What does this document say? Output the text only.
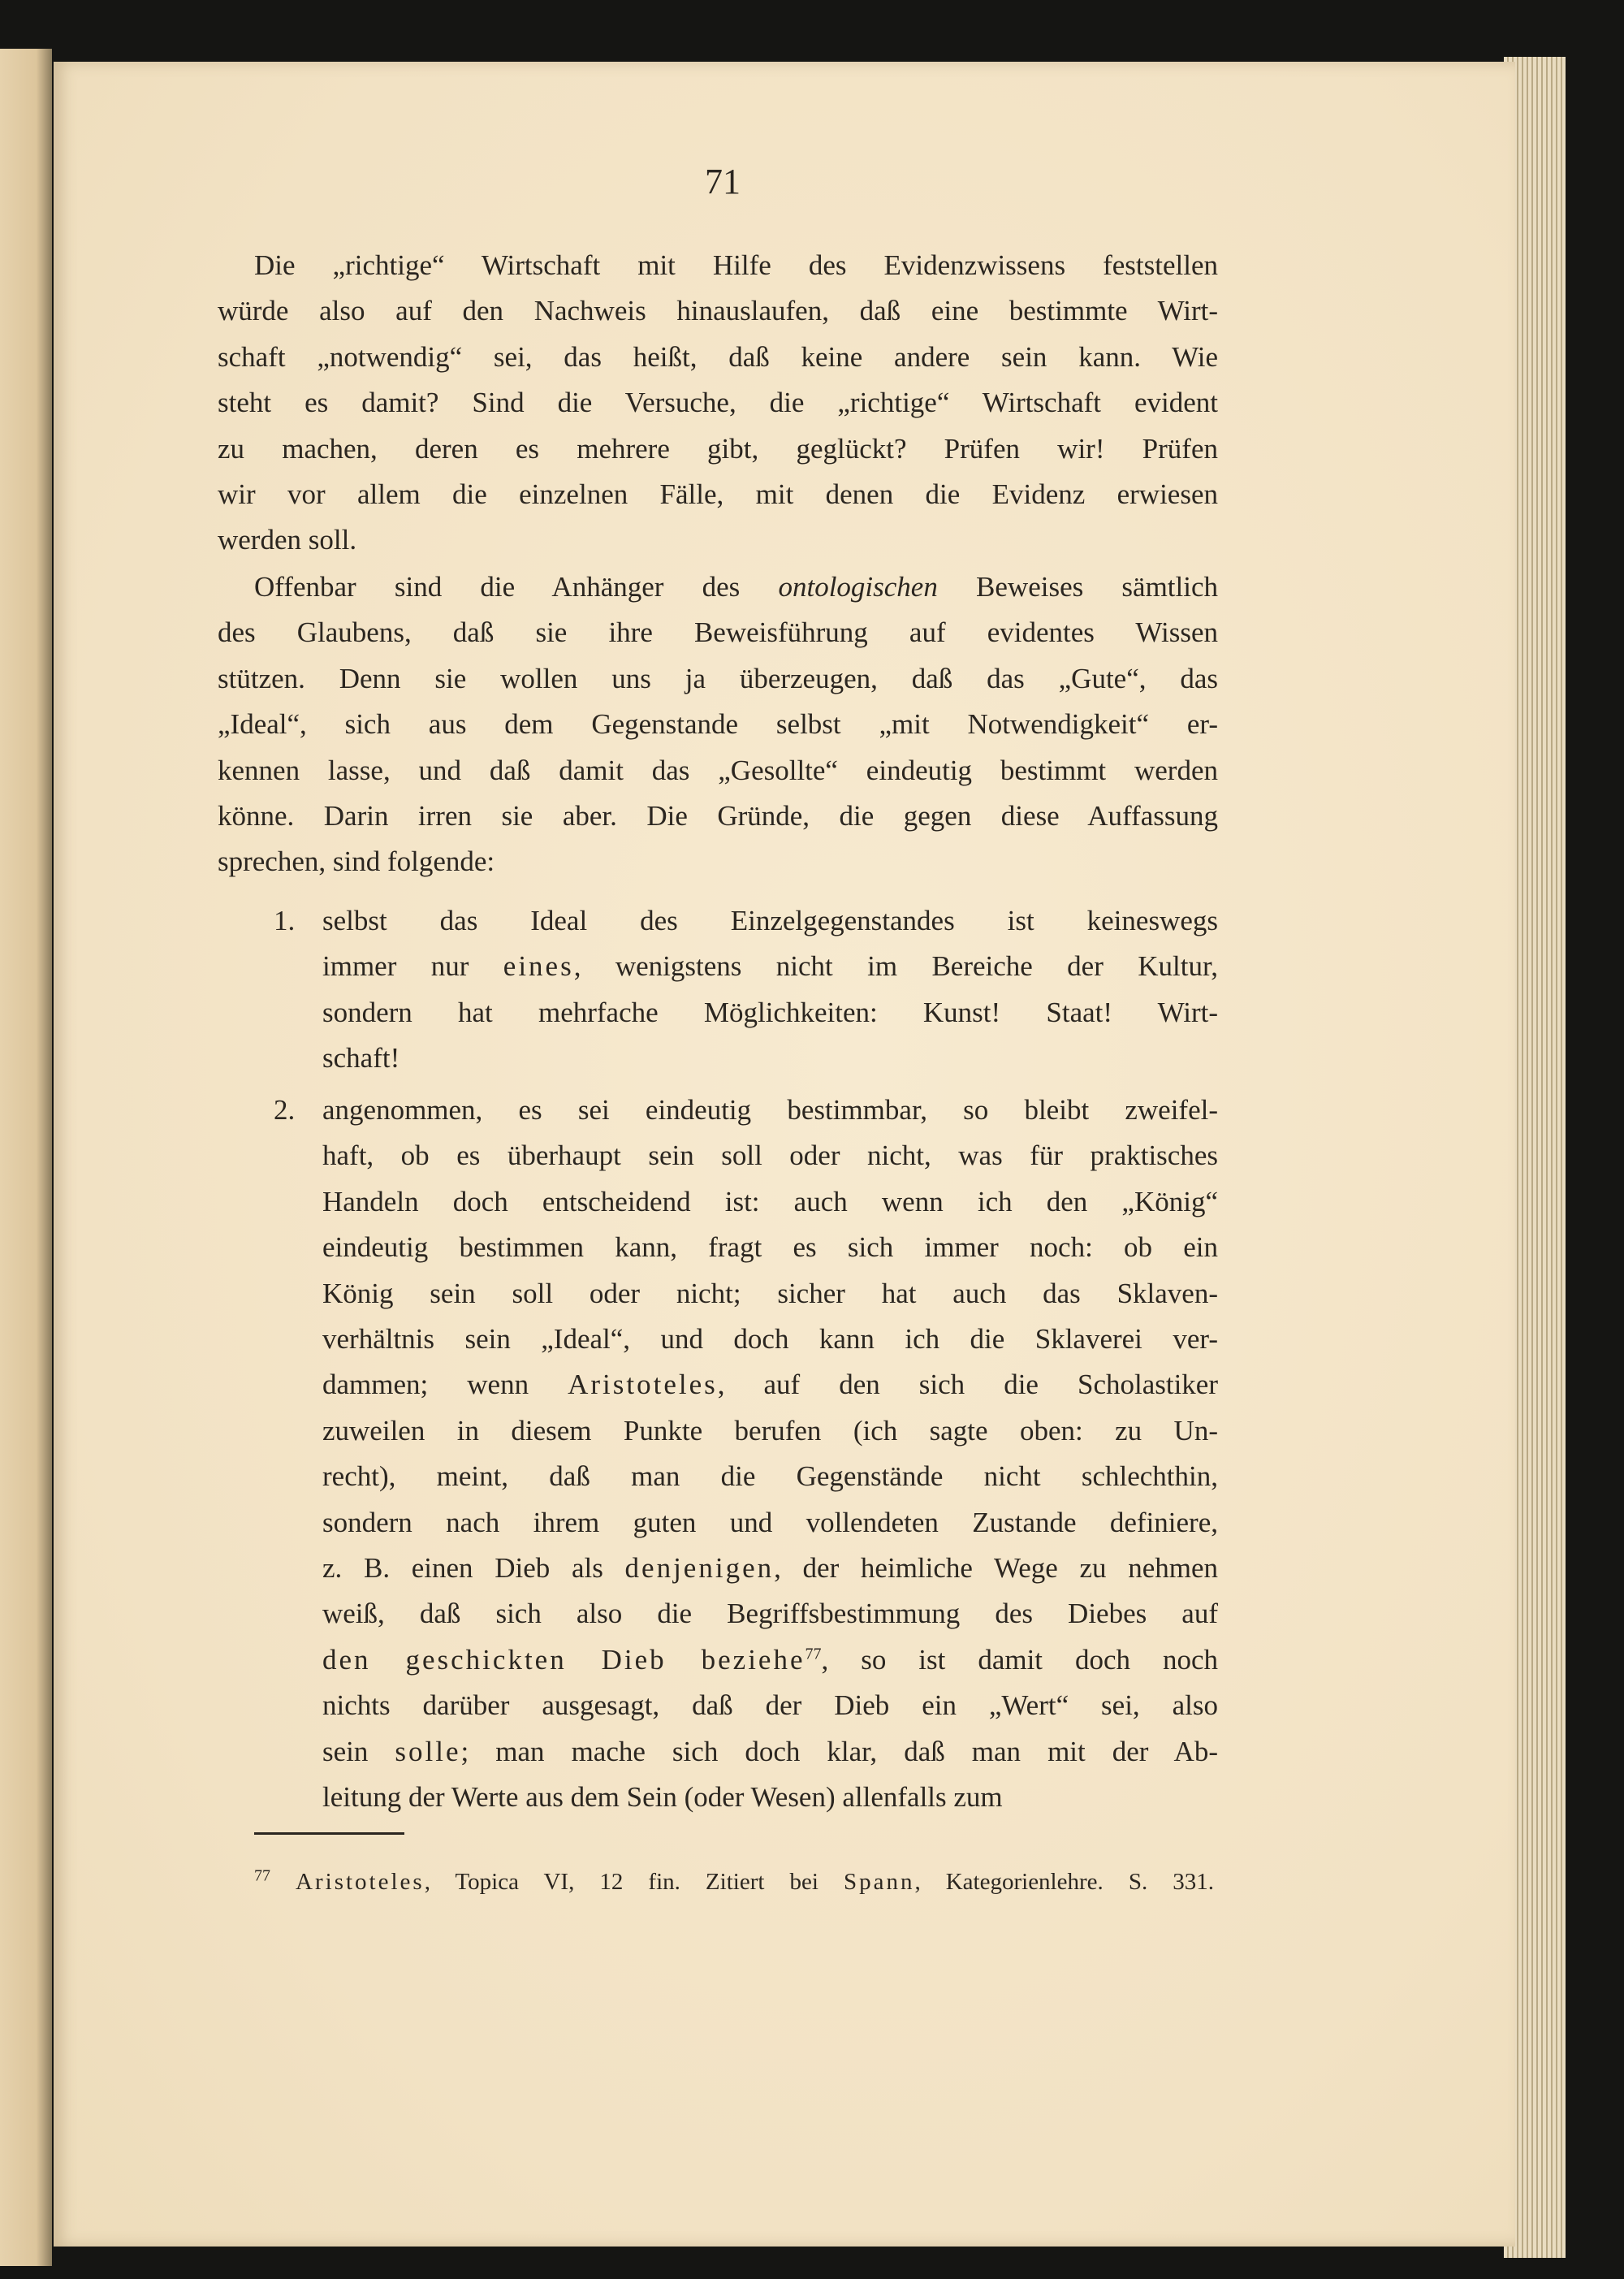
71
Die „richtige“ Wirtschaft mit Hilfe des Evidenzwissens feststellen
würde also auf den Nachweis hinauslaufen, daß eine bestimmte Wirt-
schaft „notwendig“ sei, das heißt, daß keine andere sein kann. Wie
steht es damit? Sind die Versuche, die „richtige“ Wirtschaft evident
zu machen, deren es mehrere gibt, geglückt? Prüfen wir! Prüfen
wir vor allem die einzelnen Fälle, mit denen die Evidenz erwiesen
werden soll.
Offenbar sind die Anhänger des ontologischen Beweises sämtlich
des Glaubens, daß sie ihre Beweisführung auf evidentes Wissen
stützen. Denn sie wollen uns ja überzeugen, daß das „Gute“, das
„Ideal“, sich aus dem Gegenstande selbst „mit Notwendigkeit“ er-
kennen lasse, und daß damit das „Gesollte“ eindeutig bestimmt werden
könne. Darin irren sie aber. Die Gründe, die gegen diese Auffassung
sprechen, sind folgende:
1. selbst das Ideal des Einzelgegenstandes ist keineswegs
immer nur eines, wenigstens nicht im Bereiche der Kultur,
sondern hat mehrfache Möglichkeiten: Kunst! Staat! Wirt-
schaft!
2. angenommen, es sei eindeutig bestimmbar, so bleibt zweifel-
haft, ob es überhaupt sein soll oder nicht, was für praktisches
Handeln doch entscheidend ist: auch wenn ich den „König“
eindeutig bestimmen kann, fragt es sich immer noch: ob ein
König sein soll oder nicht; sicher hat auch das Sklaven-
verhältnis sein „Ideal“, und doch kann ich die Sklaverei ver-
dammen; wenn Aristoteles, auf den sich die Scholastiker
zuweilen in diesem Punkte berufen (ich sagte oben: zu Un-
recht), meint, daß man die Gegenstände nicht schlechthin,
sondern nach ihrem guten und vollendeten Zustande definiere,
z. B. einen Dieb als denjenigen, der heimliche Wege zu nehmen
weiß, daß sich also die Begriffsbestimmung des Diebes auf
den geschickten Dieb beziehe$^{77}$, so ist damit doch noch
nichts darüber ausgesagt, daß der Dieb ein „Wert“ sei, also
sein solle; man mache sich doch klar, daß man mit der Ab-
leitung der Werte aus dem Sein (oder Wesen) allenfalls zum
$^{77}$ Aristoteles, Topica VI, 12 fin. Zitiert bei Spann, Kategorienlehre. S. 331.
